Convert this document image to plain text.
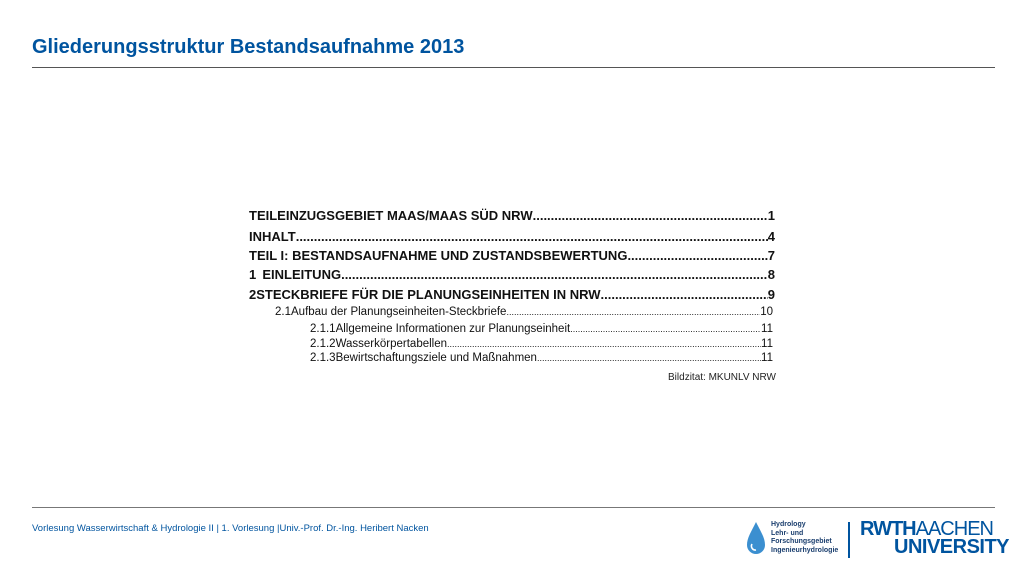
Gliederungsstruktur Bestandsaufnahme 2013
TEILEINZUGSGEBIET MAAS/MAAS SÜD NRW .....	1
INHALT .....	4
TEIL I: BESTANDSAUFNAHME UND ZUSTANDSBEWERTUNG .....	7
1 EINLEITUNG .....	8
2 STECKBRIEFE FÜR DIE PLANUNGSEINHEITEN IN NRW .....	9
2.1 Aufbau der Planungseinheiten-Steckbriefe .....	10
2.1.1 Allgemeine Informationen zur Planungseinheit .....	11
2.1.2 Wasserkörpertabellen .....	11
2.1.3 Bewirtschaftungsziele und Maßnahmen .....	11
Bildzitat: MKUNLV NRW
Vorlesung Wasserwirtschaft & Hydrologie II | 1. Vorlesung |Univ.-Prof. Dr.-Ing. Heribert Nacken	Hydrology
Lehr- und
Forschungsgebiet
Ingenieurhydrologie
RWTHAACHEN
UNIVERSITY
